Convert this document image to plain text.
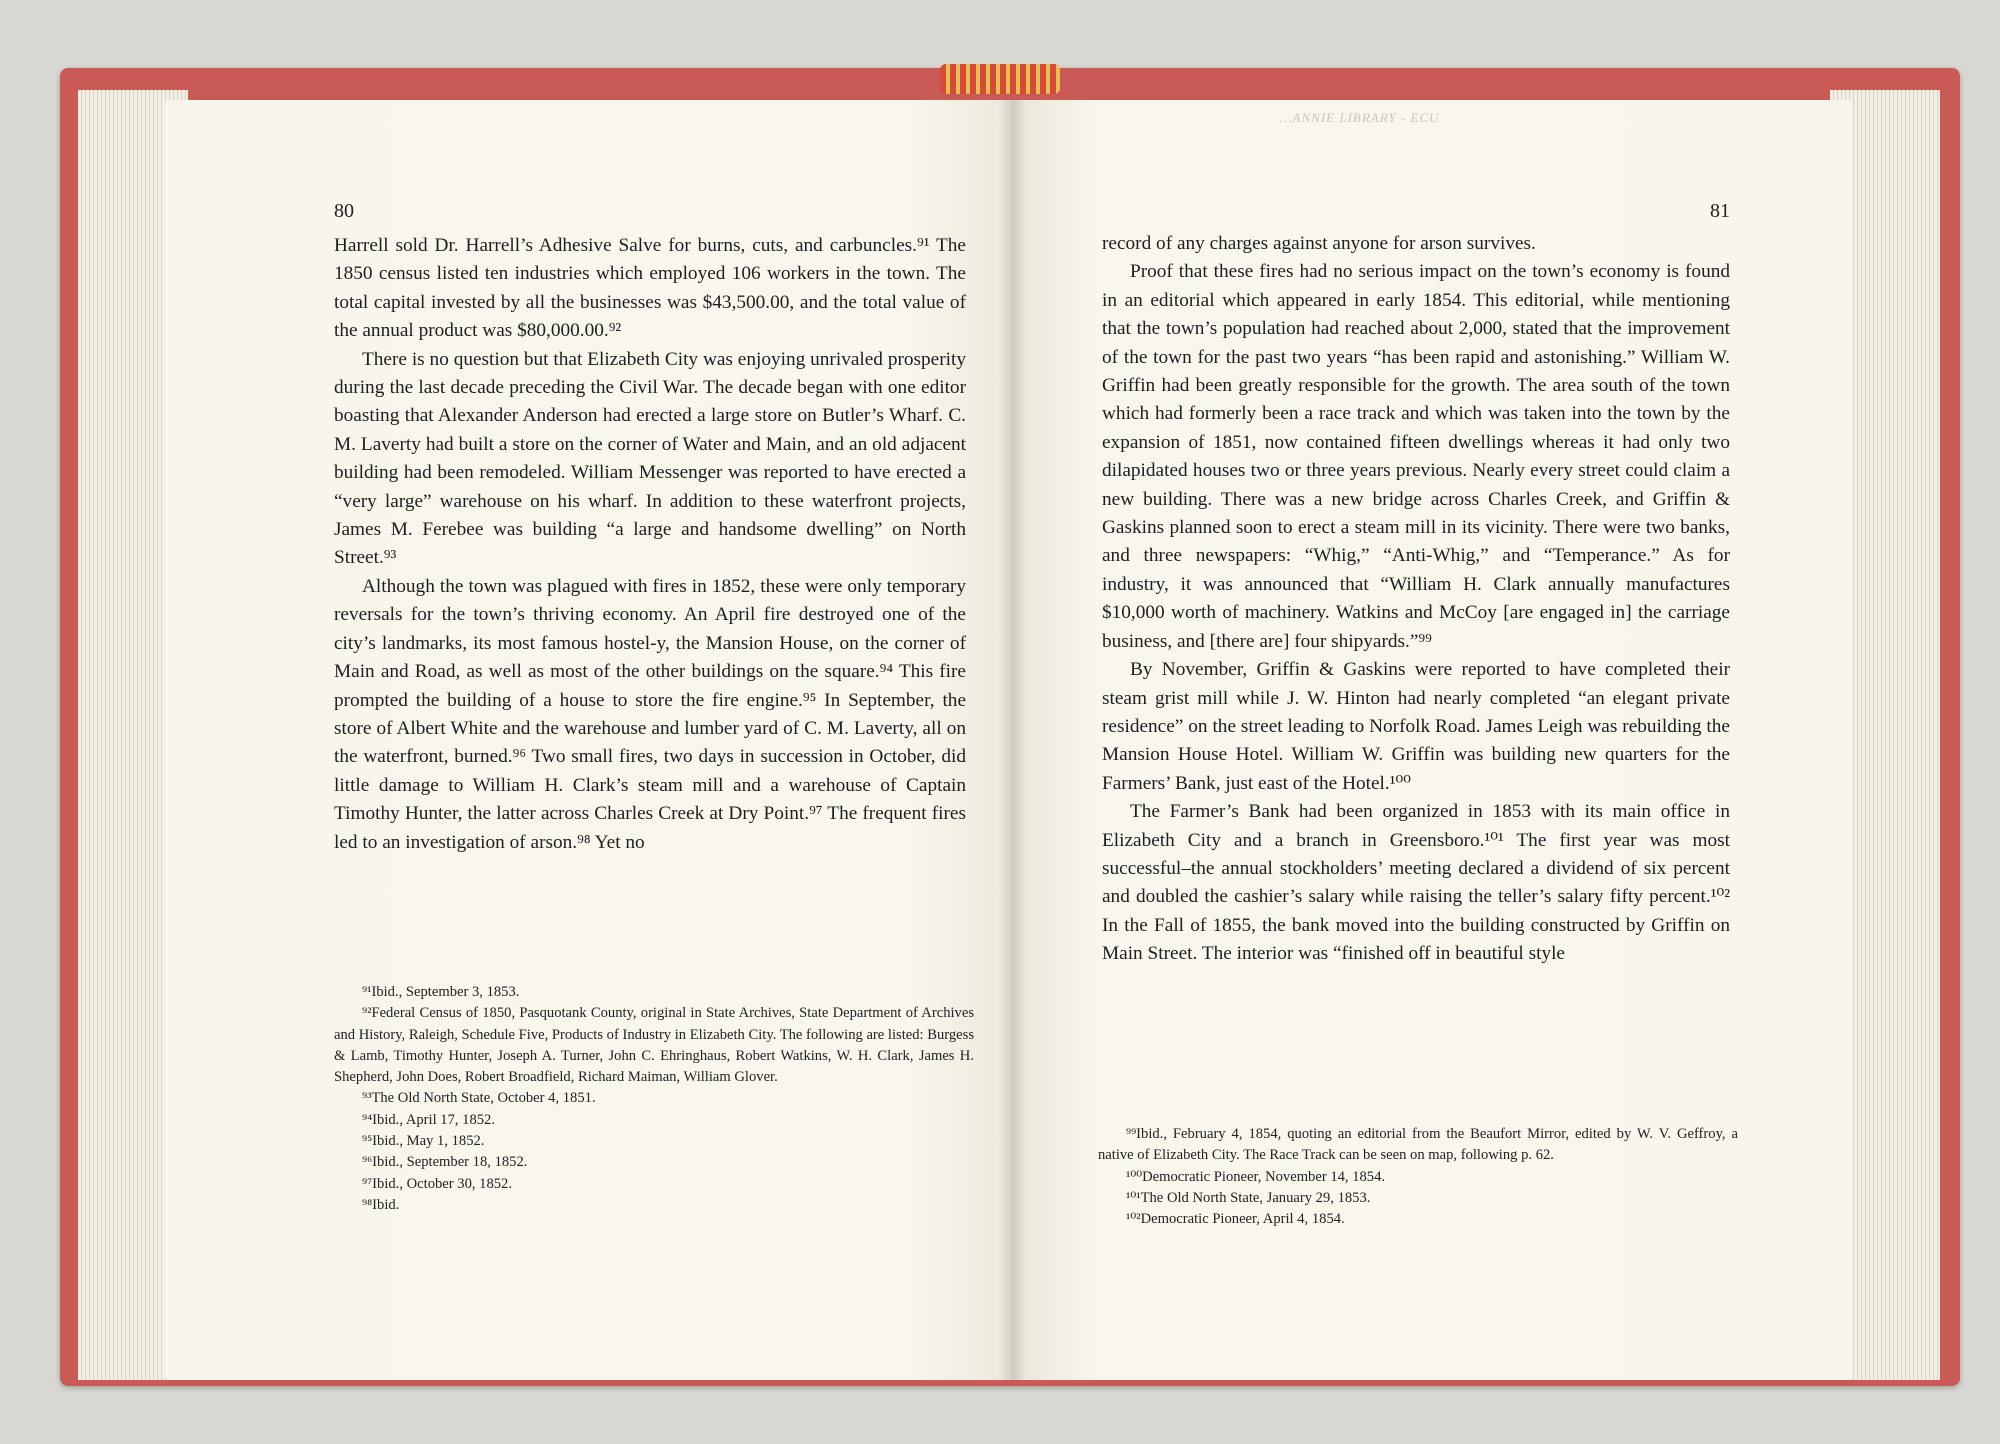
…ANNIE LIBRARY - ECU
80

Harrell sold Dr. Harrell’s Adhesive Salve for burns, cuts, and carbuncles.⁹¹ The 1850 census listed ten industries which employed 106 workers in the town. The total capital invested by all the businesses was $43,500.00, and the total value of the annual product was $80,000.00.⁹²

There is no question but that Elizabeth City was enjoying unrivaled prosperity during the last decade preceding the Civil War. The decade began with one editor boasting that Alexander Anderson had erected a large store on Butler’s Wharf. C. M. Laverty had built a store on the corner of Water and Main, and an old adjacent building had been remodeled. William Messenger was reported to have erected a “very large” warehouse on his wharf. In addition to these waterfront projects, James M. Ferebee was building “a large and handsome dwelling” on North Street.⁹³

Although the town was plagued with fires in 1852, these were only temporary reversals for the town’s thriving economy. An April fire destroyed one of the city’s landmarks, its most famous hostel-y, the Mansion House, on the corner of Main and Road, as well as most of the other buildings on the square.⁹⁴ This fire prompted the building of a house to store the fire engine.⁹⁵ In September, the store of Albert White and the warehouse and lumber yard of C. M. Laverty, all on the waterfront, burned.⁹⁶ Two small fires, two days in succession in October, did little damage to William H. Clark’s steam mill and a warehouse of Captain Timothy Hunter, the latter across Charles Creek at Dry Point.⁹⁷ The frequent fires led to an investigation of arson.⁹⁸ Yet no

⁹¹Ibid., September 3, 1853.

⁹²Federal Census of 1850, Pasquotank County, original in State Archives, State Department of Archives and History, Raleigh, Schedule Five, Products of Industry in Elizabeth City. The following are listed: Burgess & Lamb, Timothy Hunter, Joseph A. Turner, John C. Ehringhaus, Robert Watkins, W. H. Clark, James H. Shepherd, John Does, Robert Broadfield, Richard Maiman, William Glover.

⁹³The Old North State, October 4, 1851.

⁹⁴Ibid., April 17, 1852.

⁹⁵Ibid., May 1, 1852.

⁹⁶Ibid., September 18, 1852.

⁹⁷Ibid., October 30, 1852.

⁹⁸Ibid.

81

record of any charges against anyone for arson survives.

Proof that these fires had no serious impact on the town’s economy is found in an editorial which appeared in early 1854. This editorial, while mentioning that the town’s population had reached about 2,000, stated that the improvement of the town for the past two years “has been rapid and astonishing.” William W. Griffin had been greatly responsible for the growth. The area south of the town which had formerly been a race track and which was taken into the town by the expansion of 1851, now contained fifteen dwellings whereas it had only two dilapidated houses two or three years previous. Nearly every street could claim a new building. There was a new bridge across Charles Creek, and Griffin & Gaskins planned soon to erect a steam mill in its vicinity. There were two banks, and three newspapers: “Whig,” “Anti-Whig,” and “Temperance.” As for industry, it was announced that “William H. Clark annually manufactures $10,000 worth of machinery. Watkins and McCoy [are engaged in] the carriage business, and [there are] four shipyards.”⁹⁹

By November, Griffin & Gaskins were reported to have completed their steam grist mill while J. W. Hinton had nearly completed “an elegant private residence” on the street leading to Norfolk Road. James Leigh was rebuilding the Mansion House Hotel. William W. Griffin was building new quarters for the Farmers’ Bank, just east of the Hotel.¹⁰⁰

The Farmer’s Bank had been organized in 1853 with its main office in Elizabeth City and a branch in Greensboro.¹⁰¹ The first year was most successful–the annual stockholders’ meeting declared a dividend of six percent and doubled the cashier’s salary while raising the teller’s salary fifty percent.¹⁰² In the Fall of 1855, the bank moved into the building constructed by Griffin on Main Street. The interior was “finished off in beautiful style

⁹⁹Ibid., February 4, 1854, quoting an editorial from the Beaufort Mirror, edited by W. V. Geffroy, a native of Elizabeth City. The Race Track can be seen on map, following p. 62.

¹⁰⁰Democratic Pioneer, November 14, 1854.

¹⁰¹The Old North State, January 29, 1853.

¹⁰²Democratic Pioneer, April 4, 1854.
